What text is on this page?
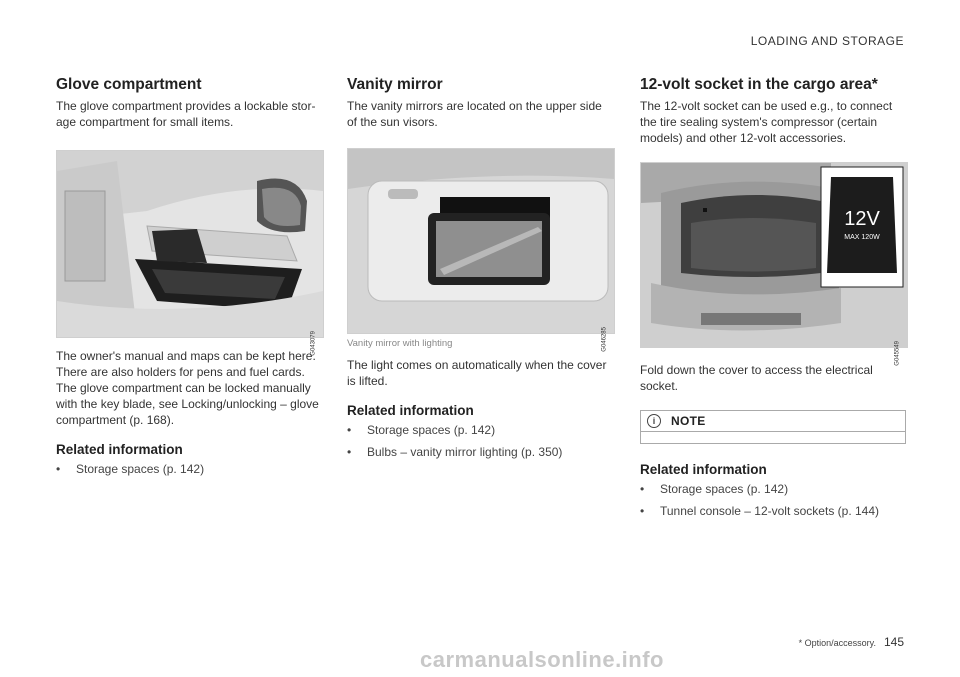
LOADING AND STORAGE
Glove compartment

The glove compartment provides a lockable stor-age compartment for small items.

G043079

The owner's manual and maps can be kept here. There are also holders for pens and fuel cards. The glove compartment can be locked manually with the key blade, see Locking/unlocking – glove compartment (p. 168).

Related information
•	Storage spaces (p. 142)
Vanity mirror

The vanity mirrors are located on the upper side of the sun visors.

G046285
Vanity mirror with lighting

The light comes on automatically when the cover is lifted.

Related information
•	Storage spaces (p. 142)
•	Bulbs – vanity mirror lighting (p. 350)
12-volt socket in the cargo area*

The 12-volt socket can be used e.g., to connect the tire sealing system's compressor (certain models) and other 12-volt accessories.

12V
MAX 120W
G045549

Fold down the cover to access the electrical socket.

i	NOTE
Related information
•	Storage spaces (p. 142)
•	Tunnel console – 12-volt sockets (p. 144)
* Option/accessory. 145
carmanualsonline.info
